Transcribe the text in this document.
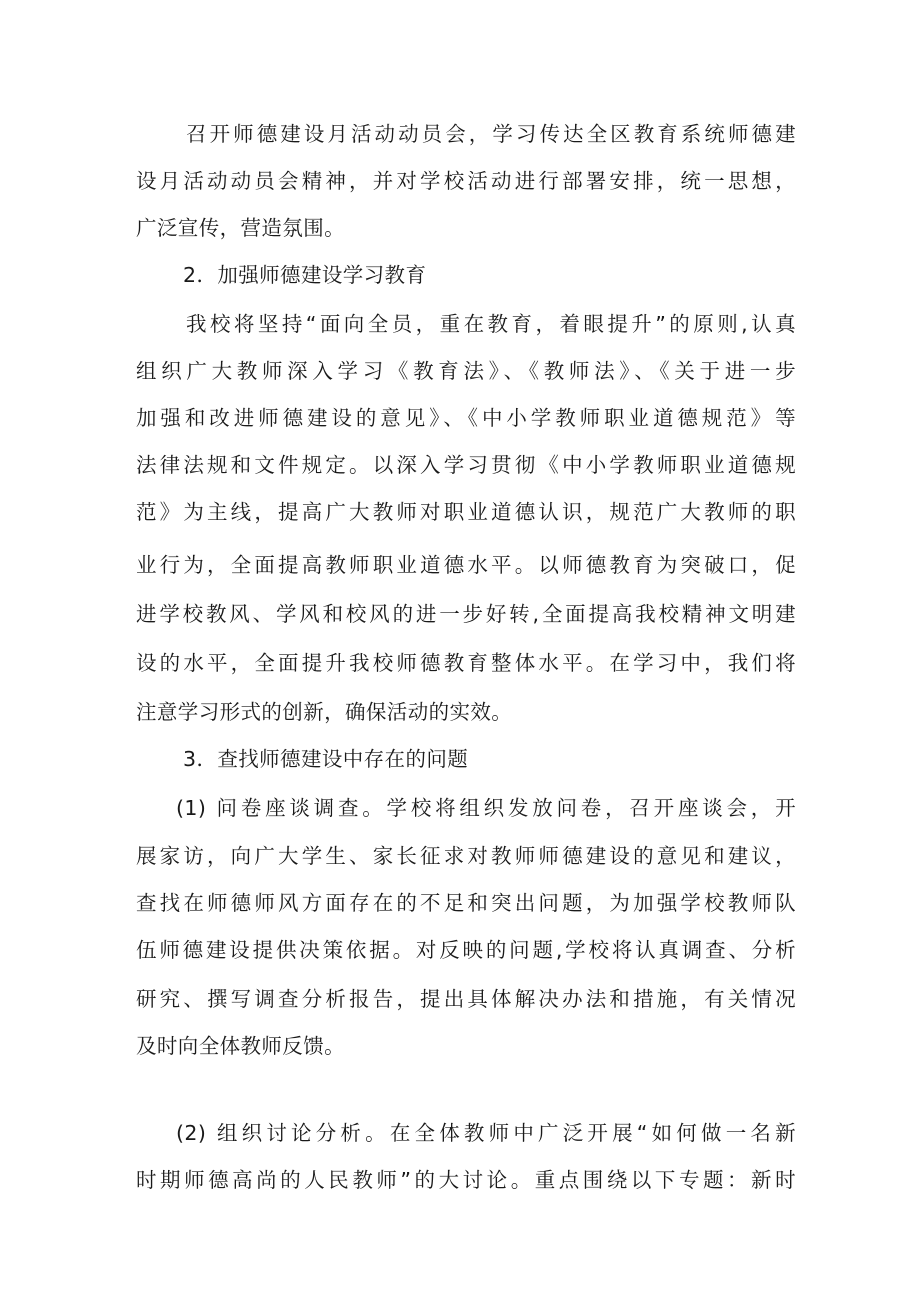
召开师德建设月活动动员会，学习传达全区教育系统师德建
设月活动动员会精神，并对学校活动进行部署安排，统一思想，
广泛宣传，营造氛围。
2．加强师德建设学习教育
我校将坚持“面向全员，重在教育，着眼提升”的原则,认真
组织广大教师深入学习《教育法》、《教师法》、《关于进一步
加强和改进师德建设的意见》、《中小学教师职业道德规范》等
法律法规和文件规定。以深入学习贯彻《中小学教师职业道德规
范》为主线，提高广大教师对职业道德认识，规范广大教师的职
业行为，全面提高教师职业道德水平。以师德教育为突破口，促
进学校教风、学风和校风的进一步好转,全面提高我校精神文明建
设的水平，全面提升我校师德教育整体水平。在学习中，我们将
注意学习形式的创新，确保活动的实效。
3．查找师德建设中存在的问题
(1) 问卷座谈调查。学校将组织发放问卷，召开座谈会，开
展家访，向广大学生、家长征求对教师师德建设的意见和建议，
查找在师德师风方面存在的不足和突出问题，为加强学校教师队
伍师德建设提供决策依据。对反映的问题,学校将认真调查、分析
研究、撰写调查分析报告，提出具体解决办法和措施，有关情况
及时向全体教师反馈。
(2) 组织讨论分析。在全体教师中广泛开展“如何做一名新
时期师德高尚的人民教师”的大讨论。重点围绕以下专题：新时
